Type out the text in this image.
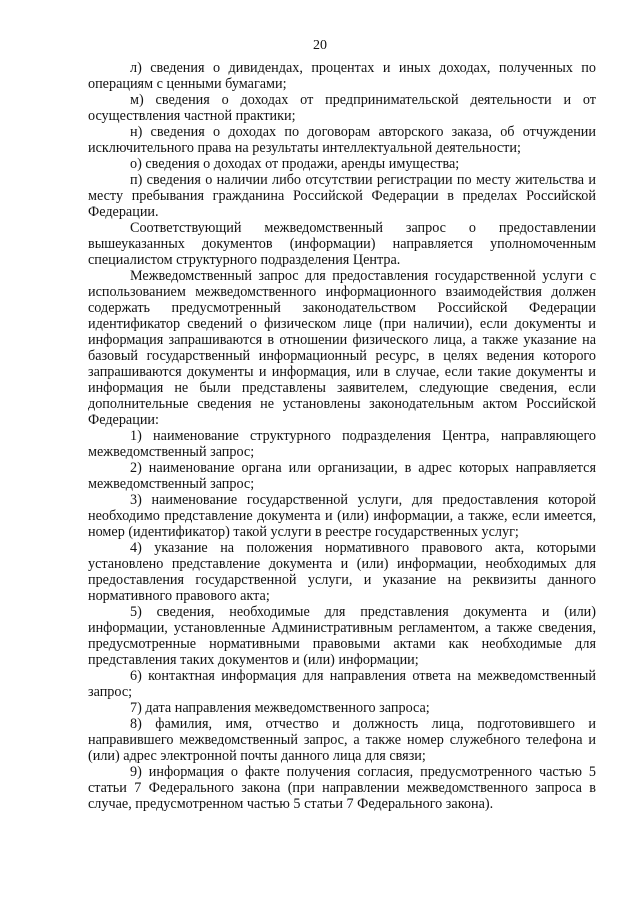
20

л) сведения о дивидендах, процентах и иных доходах, полученных по операциям с ценными бумагами;

м) сведения о доходах от предпринимательской деятельности и от осуществления частной практики;

н) сведения о доходах по договорам авторского заказа, об отчуждении исключительного права на результаты интеллектуальной деятельности;

о) сведения о доходах от продажи, аренды имущества;

п) сведения о наличии либо отсутствии регистрации по месту жительства и месту пребывания гражданина Российской Федерации в пределах Российской Федерации.

Соответствующий межведомственный запрос о предоставлении вышеуказанных документов (информации) направляется уполномоченным специалистом структурного подразделения Центра.

Межведомственный запрос для предоставления государственной услуги с использованием межведомственного информационного взаимодействия должен содержать предусмотренный законодательством Российской Федерации идентификатор сведений о физическом лице (при наличии), если документы и информация запрашиваются в отношении физического лица, а также указание на базовый государственный информационный ресурс, в целях ведения которого запрашиваются документы и информация, или в случае, если такие документы и информация не были представлены заявителем, следующие сведения, если дополнительные сведения не установлены законодательным актом Российской Федерации:

1) наименование структурного подразделения Центра, направляющего межведомственный запрос;

2) наименование органа или организации, в адрес которых направляется межведомственный запрос;

3) наименование государственной услуги, для предоставления которой необходимо представление документа и (или) информации, а также, если имеется, номер (идентификатор) такой услуги в реестре государственных услуг;

4) указание на положения нормативного правового акта, которыми установлено представление документа и (или) информации, необходимых для предоставления государственной услуги, и указание на реквизиты данного нормативного правового акта;

5) сведения, необходимые для представления документа и (или) информации, установленные Административным регламентом, а также сведения, предусмотренные нормативными правовыми актами как необходимые для представления таких документов и (или) информации;

6) контактная информация для направления ответа на межведомственный запрос;

7) дата направления межведомственного запроса;

8) фамилия, имя, отчество и должность лица, подготовившего и направившего межведомственный запрос, а также номер служебного телефона и (или) адрес электронной почты данного лица для связи;

9) информация о факте получения согласия, предусмотренного частью 5 статьи 7 Федерального закона (при направлении межведомственного запроса в случае, предусмотренном частью 5 статьи 7 Федерального закона).
